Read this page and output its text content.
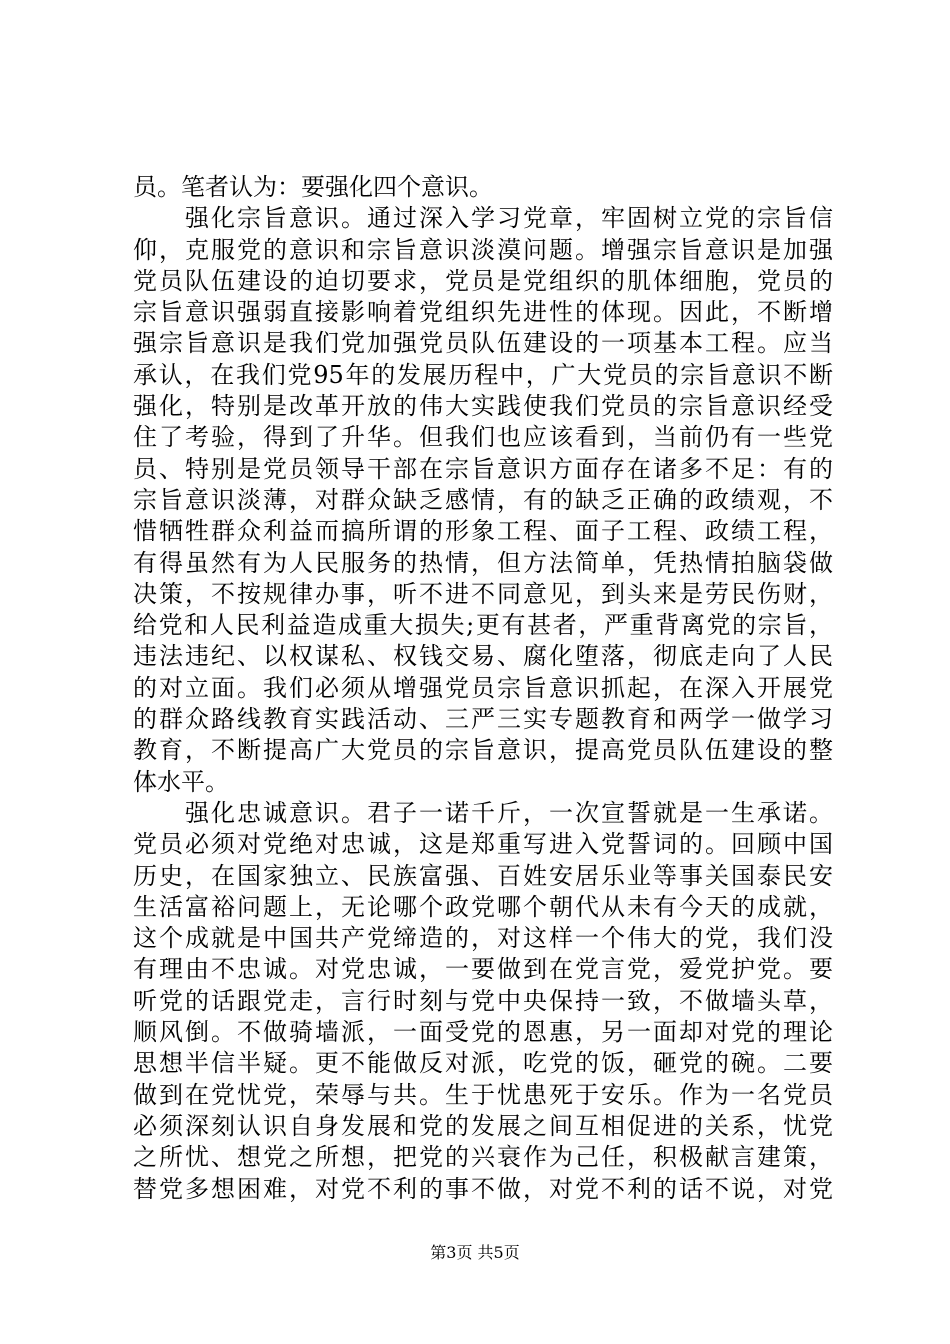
员。笔者认为：要强化四个意识。
　　强化宗旨意识。通过深入学习党章，牢固树立党的宗旨信
仰，克服党的意识和宗旨意识淡漠问题。增强宗旨意识是加强
党员队伍建设的迫切要求，党员是党组织的肌体细胞，党员的
宗旨意识强弱直接影响着党组织先进性的体现。因此，不断增
强宗旨意识是我们党加强党员队伍建设的一项基本工程。应当
承认，在我们党95年的发展历程中，广大党员的宗旨意识不断
强化，特别是改革开放的伟大实践使我们党员的宗旨意识经受
住了考验，得到了升华。但我们也应该看到，当前仍有一些党
员、特别是党员领导干部在宗旨意识方面存在诸多不足：有的
宗旨意识淡薄，对群众缺乏感情，有的缺乏正确的政绩观，不
惜牺牲群众利益而搞所谓的形象工程、面子工程、政绩工程，
有得虽然有为人民服务的热情，但方法简单，凭热情拍脑袋做
决策，不按规律办事，听不进不同意见，到头来是劳民伤财，
给党和人民利益造成重大损失;更有甚者，严重背离党的宗旨，
违法违纪、以权谋私、权钱交易、腐化堕落，彻底走向了人民
的对立面。我们必须从增强党员宗旨意识抓起，在深入开展党
的群众路线教育实践活动、三严三实专题教育和两学一做学习
教育，不断提高广大党员的宗旨意识，提高党员队伍建设的整
体水平。
　　强化忠诚意识。君子一诺千斤，一次宣誓就是一生承诺。
党员必须对党绝对忠诚，这是郑重写进入党誓词的。回顾中国
历史，在国家独立、民族富强、百姓安居乐业等事关国泰民安
生活富裕问题上，无论哪个政党哪个朝代从未有今天的成就，
这个成就是中国共产党缔造的，对这样一个伟大的党，我们没
有理由不忠诚。对党忠诚，一要做到在党言党，爱党护党。要
听党的话跟党走，言行时刻与党中央保持一致，不做墙头草，
顺风倒。不做骑墙派，一面受党的恩惠，另一面却对党的理论
思想半信半疑。更不能做反对派，吃党的饭，砸党的碗。二要
做到在党忧党，荣辱与共。生于忧患死于安乐。作为一名党员
必须深刻认识自身发展和党的发展之间互相促进的关系，忧党
之所忧、想党之所想，把党的兴衰作为己任，积极献言建策，
替党多想困难，对党不利的事不做，对党不利的话不说，对党
第3页 共5页
